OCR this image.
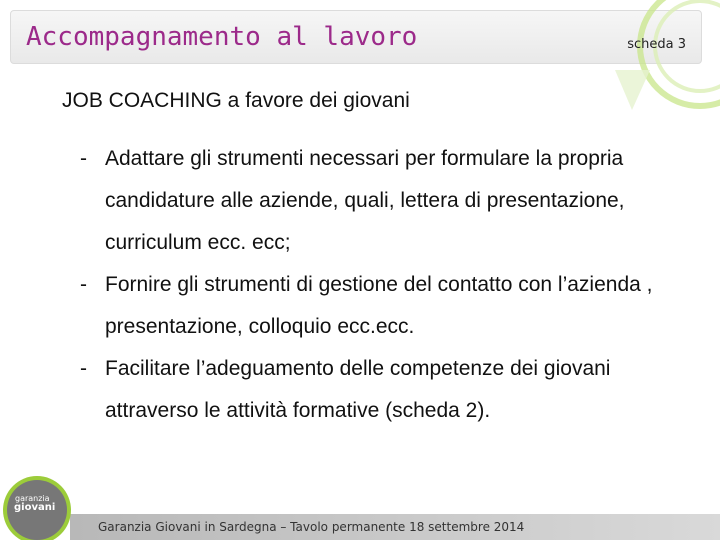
Accompagnamento al lavoro	scheda 3
JOB COACHING a favore dei giovani
- Adattare gli strumenti necessari per formulare la propria candidature alle aziende, quali, lettera di presentazione, curriculum ecc. ecc;
- Fornire gli strumenti di gestione del contatto con l’azienda , presentazione, colloquio ecc.ecc.
- Facilitare l’adeguamento delle competenze dei giovani attraverso le attività formative (scheda 2).
Garanzia Giovani in Sardegna – Tavolo permanente 18 settembre 2014
garanzia
giovani
